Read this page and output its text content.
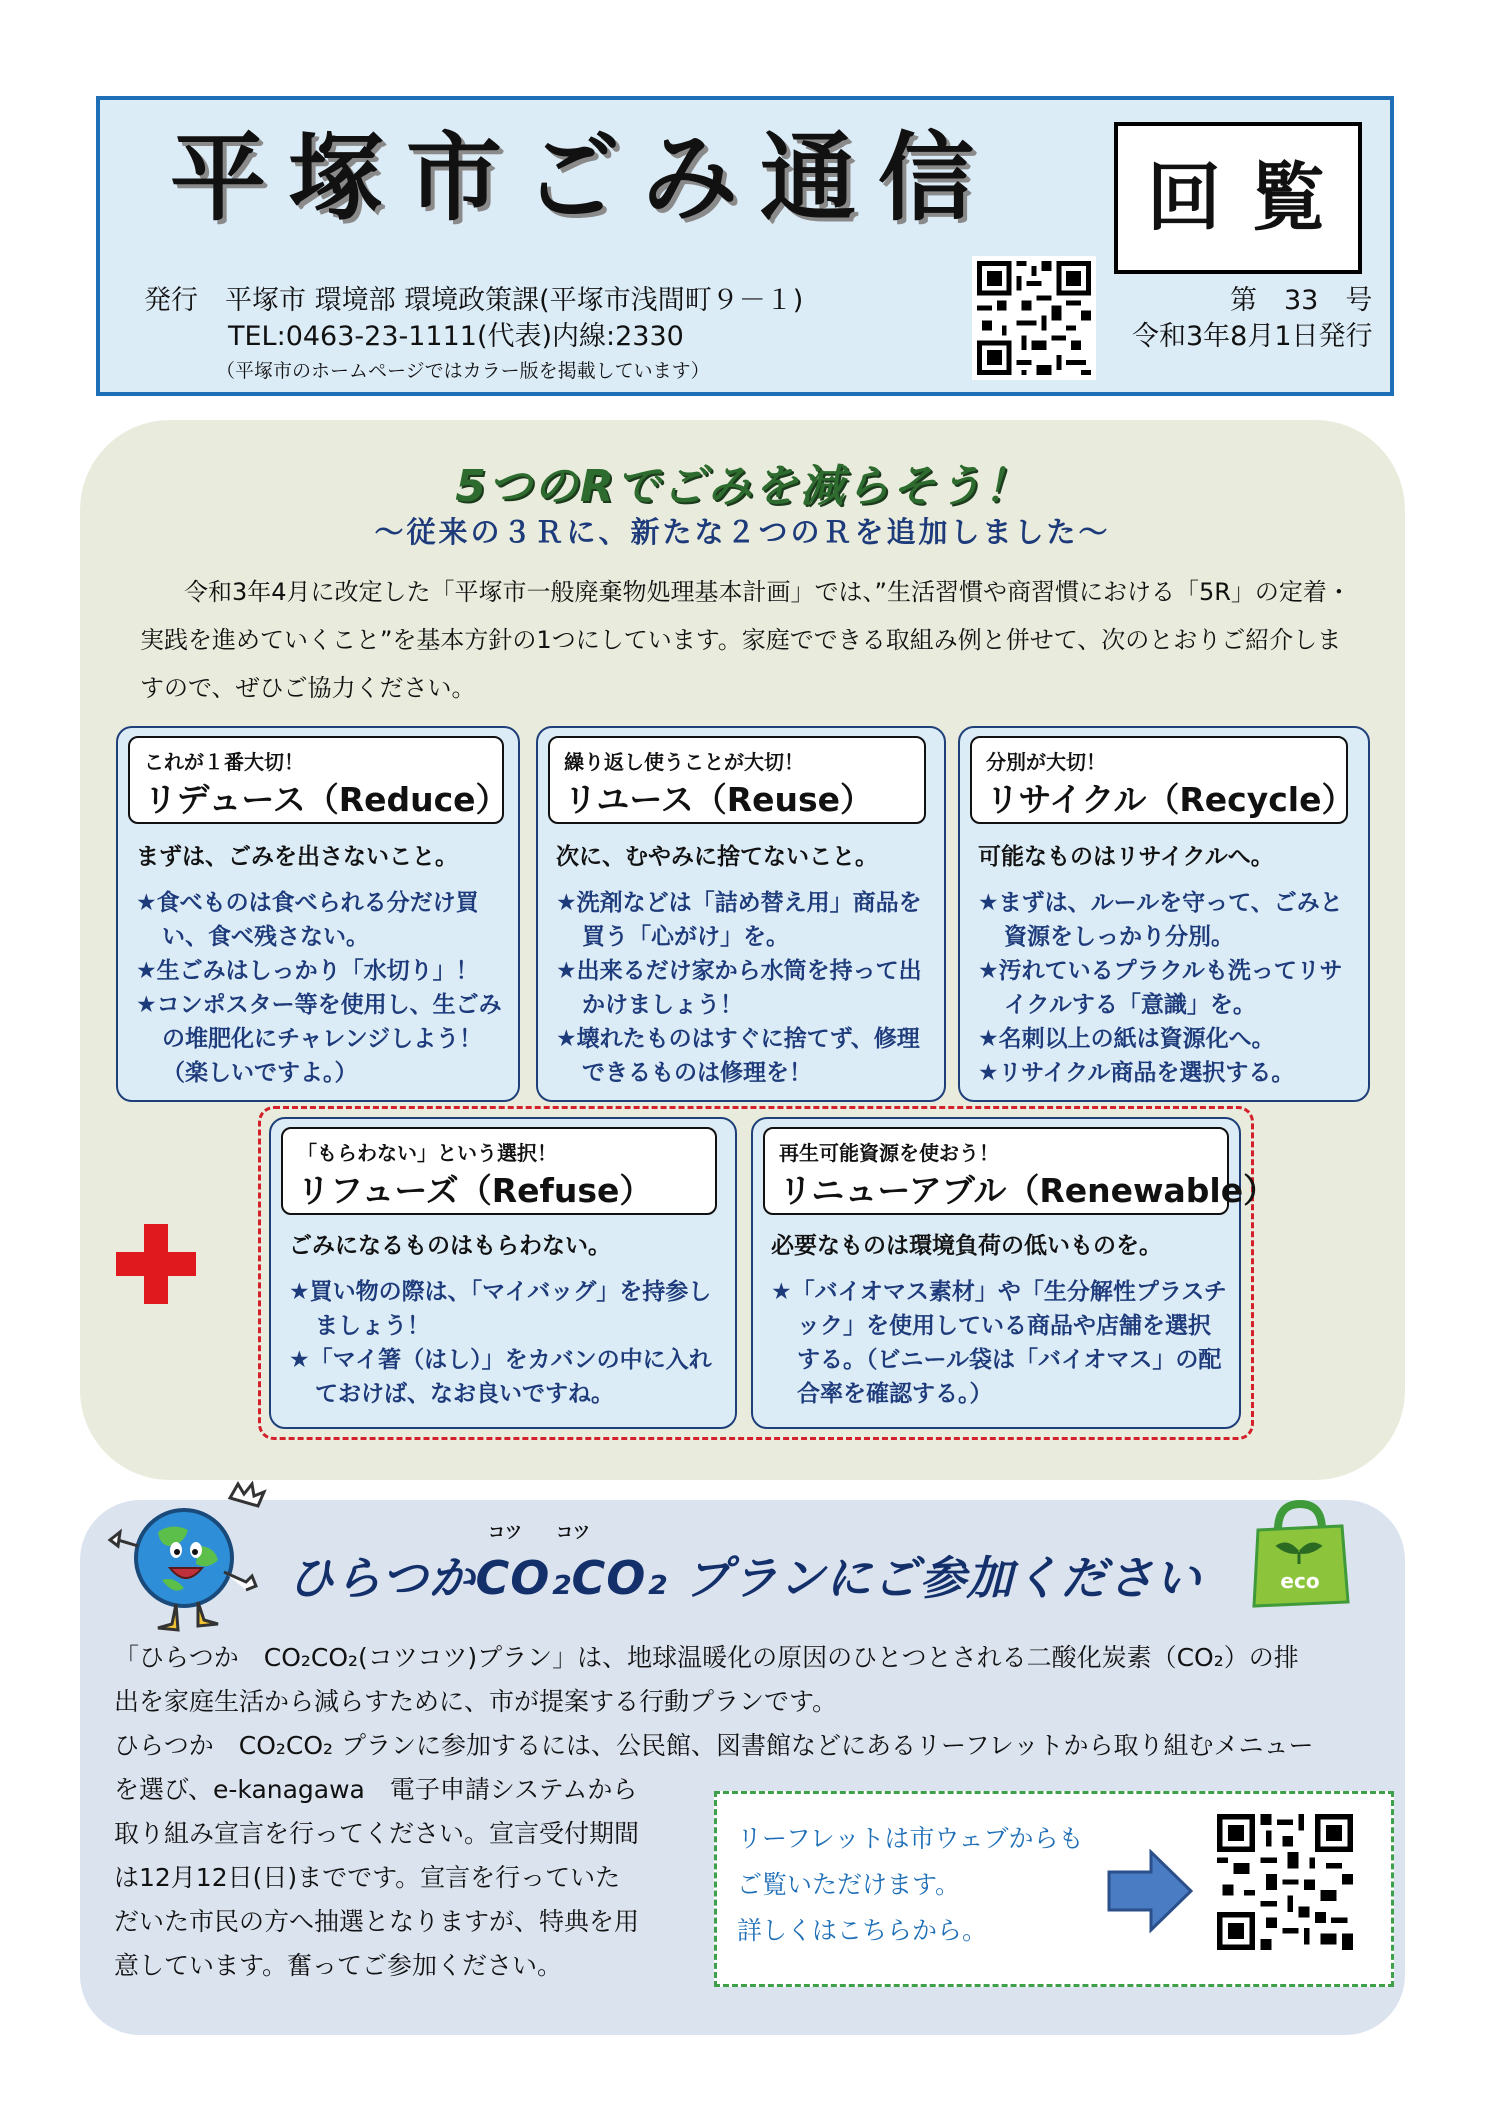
平塚市ごみ通信	回覧
発行　平塚市 環境部 環境政策課(平塚市浅間町９－１)
TEL:0463-23-1111(代表)内線:2330
（平塚市のホームページではカラー版を掲載しています）
第　33　号
令和3年8月1日発行
5つのRでごみを減らそう！
～従来の３Ｒに、新たな２つのＲを追加しました～
令和3年4月に改定した「平塚市一般廃棄物処理基本計画」では、”生活習慣や商習慣における「5R」の定着・実践を進めていくこと”を基本方針の1つにしています。家庭でできる取組み例と併せて、次のとおりご紹介しますので、ぜひご協力ください。
これが１番大切！
リデュース（Reduce）
まずは、ごみを出さないこと。
★食べものは食べられる分だけ買い、食べ残さない。
★生ごみはしっかり「水切り」！
★コンポスター等を使用し、生ごみの堆肥化にチャレンジしよう！（楽しいですよ。）
繰り返し使うことが大切！
リユース（Reuse）
次に、むやみに捨てないこと。
★洗剤などは「詰め替え用」商品を買う「心がけ」を。
★出来るだけ家から水筒を持って出かけましょう！
★壊れたものはすぐに捨てず、修理できるものは修理を！
分別が大切！
リサイクル（Recycle）
可能なものはリサイクルへ。
★まずは、ルールを守って、ごみと資源をしっかり分別。
★汚れているプラクルも洗ってリサイクルする「意識」を。
★名刺以上の紙は資源化へ。
★リサイクル商品を選択する。
「もらわない」という選択！
リフューズ（Refuse）
ごみになるものはもらわない。
★買い物の際は、「マイバッグ」を持参しましょう！
★「マイ箸（はし）」をカバンの中に入れておけば、なお良いですね。
再生可能資源を使おう！
リニューアブル（Renewable）
必要なものは環境負荷の低いものを。
★「バイオマス素材」や「生分解性プラスチック」を使用している商品や店舗を選択する。（ビニール袋は「バイオマス」の配合率を確認する。）
コツ　　コツ
ひらつかCO₂CO₂ プランにご参加ください	eco
「ひらつか　CO₂CO₂(コツコツ)プラン」は、地球温暖化の原因のひとつとされる二酸化炭素（CO₂）の排
出を家庭生活から減らすために、市が提案する行動プランです。
ひらつか　CO₂CO₂ プランに参加するには、公民館、図書館などにあるリーフレットから取り組むメニュー
を選び、e-kanagawa　電子申請システムから
取り組み宣言を行ってください。宣言受付期間
は12月12日(日)までです。宣言を行っていた
だいた市民の方へ抽選となりますが、特典を用
意しています。奮ってご参加ください。
リーフレットは市ウェブからも
ご覧いただけます。
詳しくはこちらから。
